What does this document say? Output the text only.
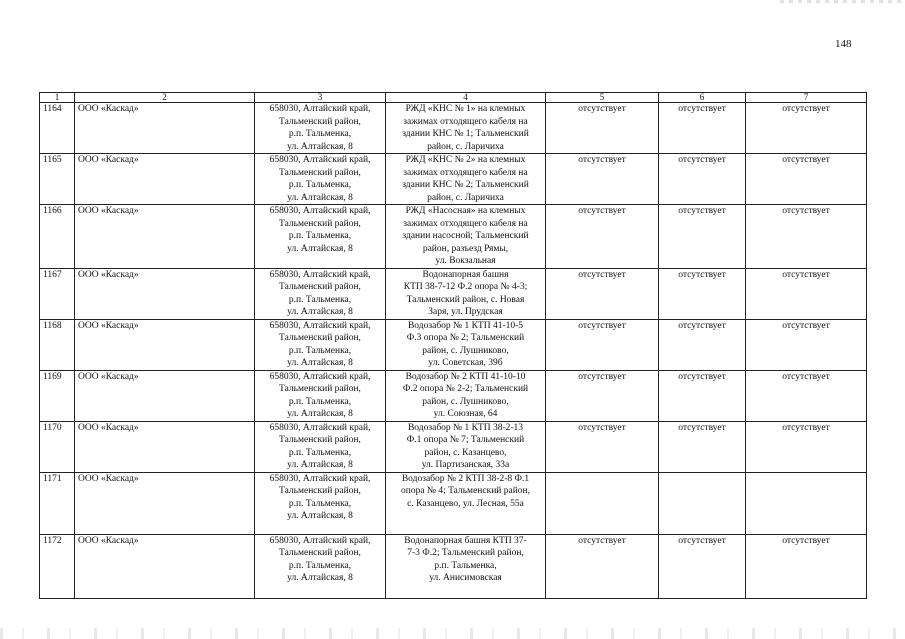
148
1	2	3	4	5	6	7
1164	ООО «Каскад»	658030, Алтайский край,
Тальменский район,
р.п. Тальменка,
ул. Алтайская, 8	РЖД «КНС № 1» на клемных
зажимах отходящего кабеля на
здании КНС № 1; Тальменский
район, с. Ларичиха	отсутствует	отсутствует	отсутствует
1165	ООО «Каскад»	658030, Алтайский край,
Тальменский район,
р.п. Тальменка,
ул. Алтайская, 8	РЖД «КНС № 2» на клемных
зажимах отходящего кабеля на
здании КНС № 2; Тальменский
район, с. Ларичиха	отсутствует	отсутствует	отсутствует
1166	ООО «Каскад»	658030, Алтайский край,
Тальменский район,
р.п. Тальменка,
ул. Алтайская, 8	РЖД «Насосная» на клемных
зажимах отходящего кабеля на
здании насосной; Тальменский
район, разъезд Рямы,
ул. Вокзальная	отсутствует	отсутствует	отсутствует
1167	ООО «Каскад»	658030, Алтайский край,
Тальменский район,
р.п. Тальменка,
ул. Алтайская, 8	Водонапорная башня
КТП 38-7-12 Ф.2 опора № 4-3;
Тальменский район, с. Новая
Заря, ул. Прудская	отсутствует	отсутствует	отсутствует
1168	ООО «Каскад»	658030, Алтайский край,
Тальменский район,
р.п. Тальменка,
ул. Алтайская, 8	Водозабор № 1 КТП 41-10-5
Ф.3 опора № 2; Тальменский
район, с. Лушниково,
ул. Советская, 39б	отсутствует	отсутствует	отсутствует
1169	ООО «Каскад»	658030, Алтайский край,
Тальменский район,
р.п. Тальменка,
ул. Алтайская, 8	Водозабор № 2 КТП 41-10-10
Ф.2 опора № 2-2; Тальменский
район, с. Лушниково,
ул. Союзная, 64	отсутствует	отсутствует	отсутствует
1170	ООО «Каскад»	658030, Алтайский край,
Тальменский район,
р.п. Тальменка,
ул. Алтайская, 8	Водозабор № 1 КТП 38-2-13
Ф.1 опора № 7; Тальменский
район, с. Казанцево,
ул. Партизанская, 33а	отсутствует	отсутствует	отсутствует
1171	ООО «Каскад»	658030, Алтайский край,
Тальменский район,
р.п. Тальменка,
ул. Алтайская, 8	Водозабор № 2 КТП 38-2-8 Ф.1
опора № 4; Тальменский район,
с. Казанцево, ул. Лесная, 55а			

1172	ООО «Каскад»	658030, Алтайский край,
Тальменский район,
р.п. Тальменка,
ул. Алтайская, 8	Водонапорная башня КТП 37-
7-3 Ф.2; Тальменский район,
р.п. Тальменка,
ул. Анисимовская	отсутствует	отсутствует	отсутствует
